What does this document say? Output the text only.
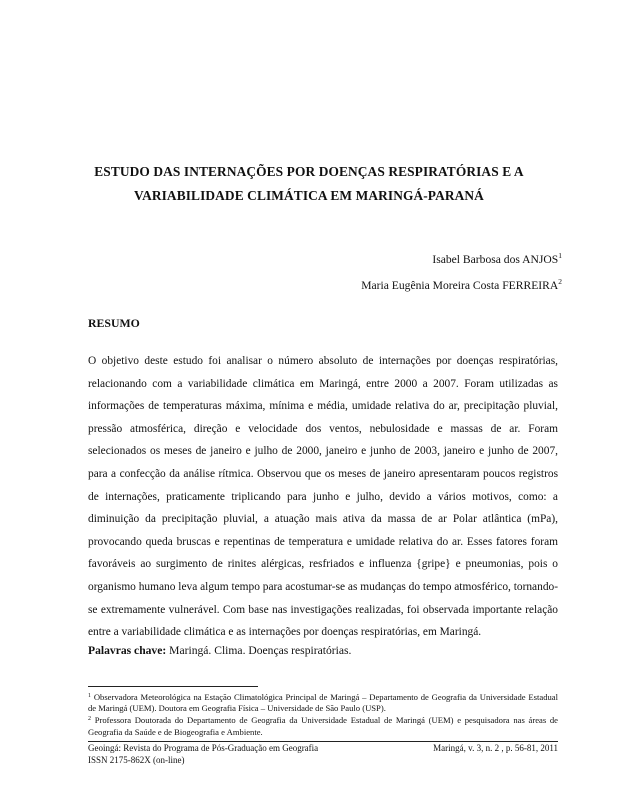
ESTUDO DAS INTERNAÇÕES POR DOENÇAS RESPIRATÓRIAS E A
VARIABILIDADE CLIMÁTICA EM MARINGÁ-PARANÁ
Isabel Barbosa dos ANJOS$^1$
Maria Eugênia Moreira Costa FERREIRA$^2$
RESUMO
O objetivo deste estudo foi analisar o número absoluto de internações por doenças respiratórias, relacionando com a variabilidade climática em Maringá, entre 2000 a 2007. Foram utilizadas as informações de temperaturas máxima, mínima e média, umidade relativa do ar, precipitação pluvial, pressão atmosférica, direção e velocidade dos ventos, nebulosidade e massas de ar. Foram selecionados os meses de janeiro e julho de 2000, janeiro e junho de 2003, janeiro e junho de 2007, para a confecção da análise rítmica. Observou que os meses de janeiro apresentaram poucos registros de internações, praticamente triplicando para junho e julho, devido a vários motivos, como: a diminuição da precipitação pluvial, a atuação mais ativa da massa de ar Polar atlântica (mPa), provocando queda bruscas e repentinas de temperatura e umidade relativa do ar. Esses fatores foram favoráveis ao surgimento de rinites alérgicas, resfriados e influenza {gripe} e pneumonias, pois o organismo humano leva algum tempo para acostumar-se as mudanças do tempo atmosférico, tornando-se extremamente vulnerável. Com base nas investigações realizadas, foi observada importante relação entre a variabilidade climática e as internações por doenças respiratórias, em Maringá.
Palavras chave: Maringá. Clima. Doenças respiratórias.

$^1$ Observadora Meteorológica na Estação Climatológica Principal de Maringá – Departamento de Geografia da Universidade Estadual de Maringá (UEM). Doutora em Geografia Física – Universidade de São Paulo (USP).

$^2$ Professora Doutorada do Departamento de Geografia da Universidade Estadual de Maringá (UEM) e pesquisadora nas áreas de Geografia da Saúde e de Biogeografia e Ambiente.

Geoingá: Revista do Programa de Pós-Graduação em Geografia	Maringá, v. 3, n. 2 , p. 56-81, 2011
ISSN 2175-862X (on-line)
